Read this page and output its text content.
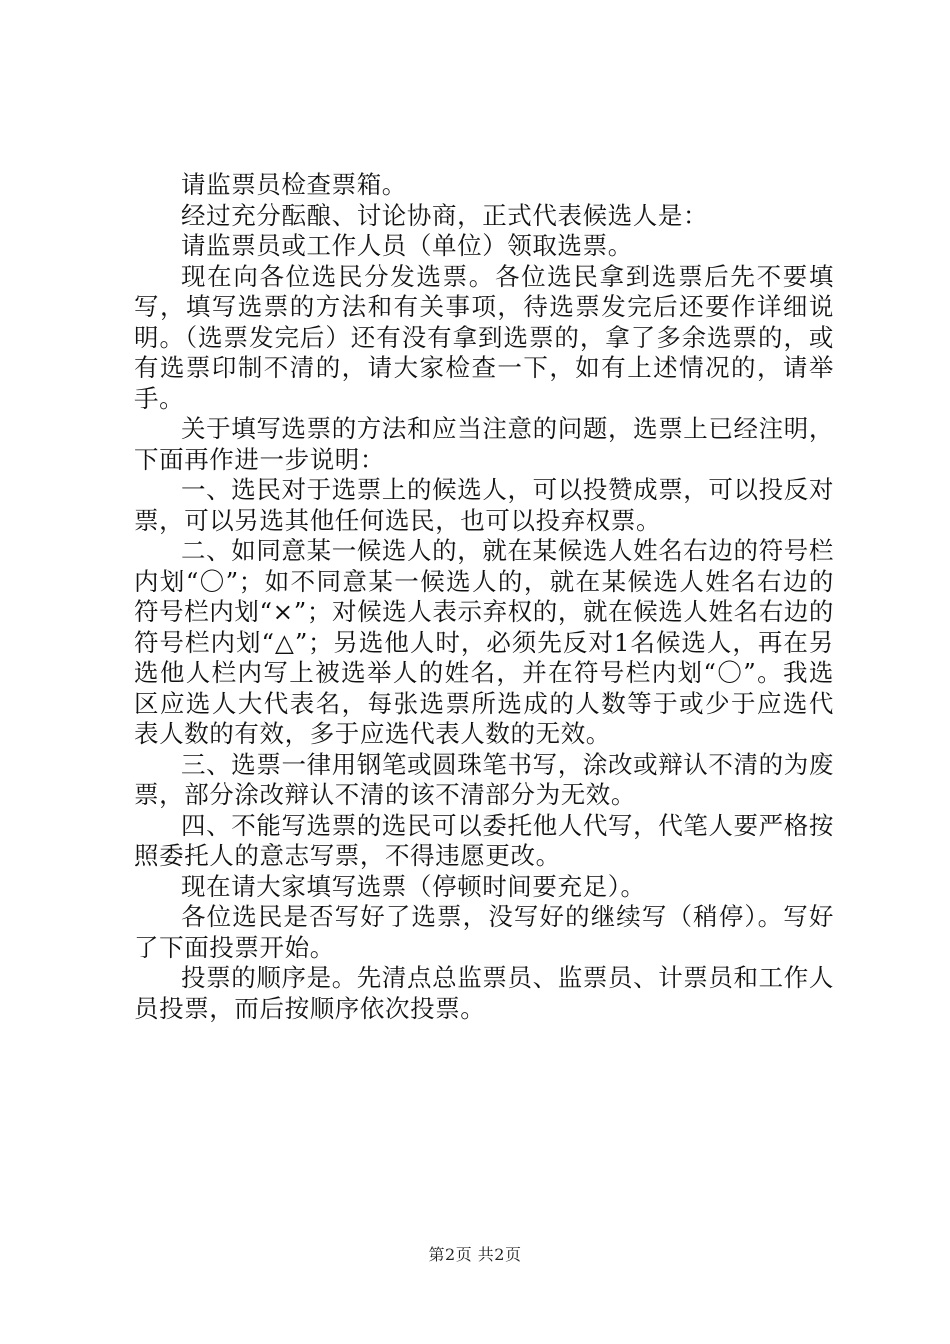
请监票员检查票箱。

经过充分酝酿、讨论协商，正式代表候选人是：

请监票员或工作人员（单位）领取选票。

现在向各位选民分发选票。各位选民拿到选票后先不要填写，填写选票的方法和有关事项，待选票发完后还要作详细说明。（选票发完后）还有没有拿到选票的，拿了多余选票的，或有选票印制不清的，请大家检查一下，如有上述情况的，请举手。

关于填写选票的方法和应当注意的问题，选票上已经注明，下面再作进一步说明：

一、选民对于选票上的候选人，可以投赞成票，可以投反对票，可以另选其他任何选民，也可以投弃权票。

二、如同意某一候选人的，就在某候选人姓名右边的符号栏内划“〇”；如不同意某一候选人的，就在某候选人姓名右边的符号栏内划“×”；对候选人表示弃权的，就在候选人姓名右边的符号栏内划“△”；另选他人时，必须先反对1名候选人，再在另选他人栏内写上被选举人的姓名，并在符号栏内划“〇”。我选区应选人大代表名，每张选票所选成的人数等于或少于应选代表人数的有效，多于应选代表人数的无效。

三、选票一律用钢笔或圆珠笔书写，涂改或辩认不清的为废票，部分涂改辩认不清的该不清部分为无效。

四、不能写选票的选民可以委托他人代写，代笔人要严格按照委托人的意志写票，不得违愿更改。

现在请大家填写选票（停顿时间要充足）。

各位选民是否写好了选票，没写好的继续写（稍停）。写好了下面投票开始。

投票的顺序是。先清点总监票员、监票员、计票员和工作人员投票，而后按顺序依次投票。

第2页 共2页
